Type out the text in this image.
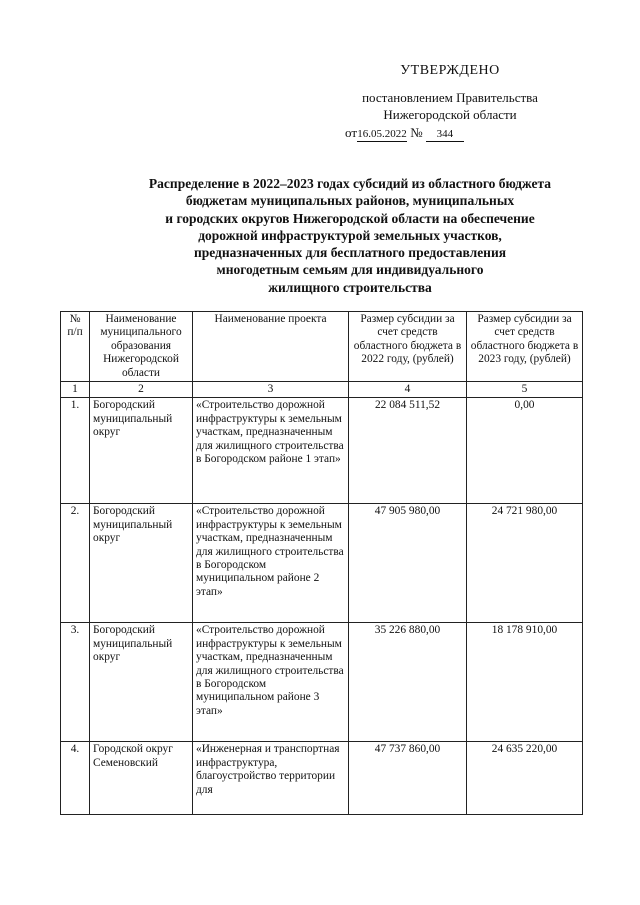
УТВЕРЖДЕНО
постановлением Правительства
Нижегородской области
от16.05.2022 № 344
Распределение в 2022–2023 годах субсидий из областного бюджета
бюджетам муниципальных районов, муниципальных
и городских округов Нижегородской области на обеспечение
дорожной инфраструктурой земельных участков,
предназначенных для бесплатного предоставления
многодетным семьям для индивидуального
жилищного строительства
№ п/п	Наименование муниципального образования Нижегородской области	Наименование проекта	Размер субсидии за счет средств областного бюджета в 2022 году, (рублей)	Размер субсидии за счет средств областного бюджета в 2023 году, (рублей)
1	2	3	4	5
1.	Богородский муниципальный округ	«Строительство дорожной инфраструктуры к земельным участкам, предназначенным для жилищного строительства в Богородском районе 1 этап»	22 084 511,52	0,00
2.	Богородский муниципальный округ	«Строительство дорожной инфраструктуры к земельным участкам, предназначенным для жилищного строительства в Богородском муниципальном районе 2 этап»	47 905 980,00	24 721 980,00
3.	Богородский муниципальный округ	«Строительство дорожной инфраструктуры к земельным участкам, предназначенным для жилищного строительства в Богородском муниципальном районе 3 этап»	35 226 880,00	18 178 910,00
4.	Городской округ Семеновский	«Инженерная и транспортная инфраструктура, благоустройство территории для	47 737 860,00	24 635 220,00
